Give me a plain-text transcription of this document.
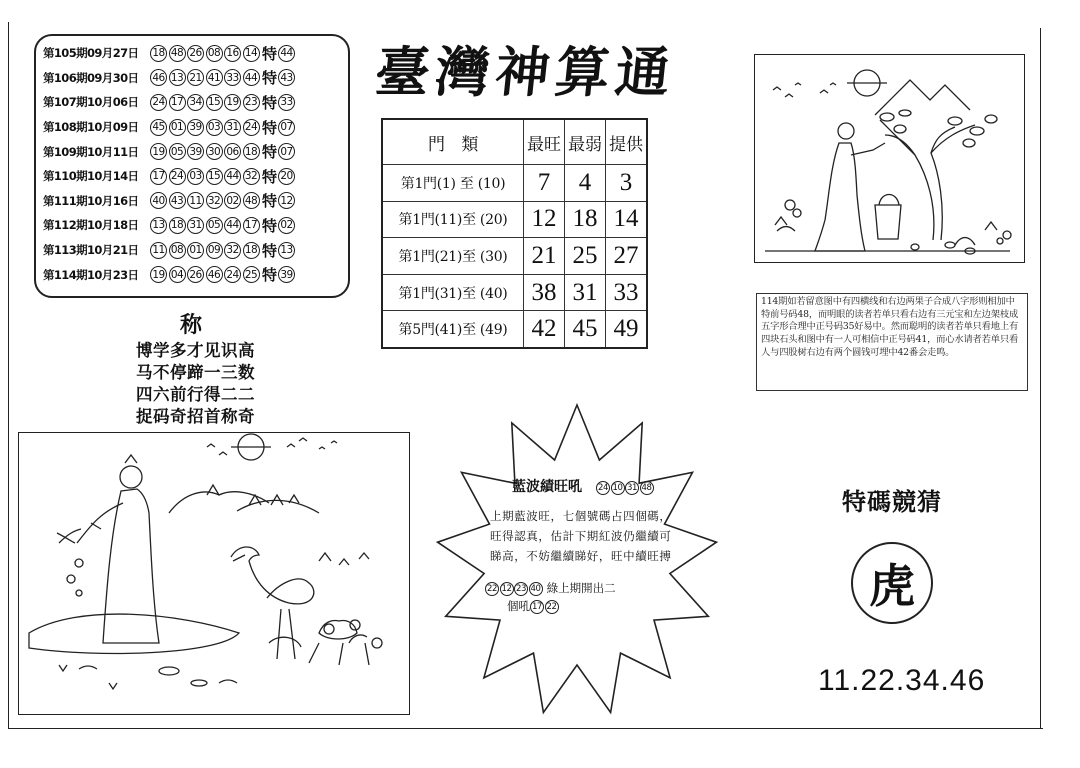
第105期09月27日	18 48 26 08 16 14 特 44
第106期09月30日	46 13 21 41 33 44 特 43
第107期10月06日	24 17 34 15 19 23 特 33
第108期10月09日	45 01 39 03 31 24 特 07
第109期10月11日	19 05 39 30 06 18 特 07
第110期10月14日	17 24 03 15 44 32 特 20
第111期10月16日	40 43 11 32 02 48 特 12
第112期10月18日	13 18 31 05 44 17 特 02
第113期10月21日	11 08 01 09 32 18 特 13
第114期10月23日	19 04 26 46 24 25 特 39
称
博学多才见识高
马不停蹄一三数
四六前行得二二
捉码奇招首称奇
臺灣神算通
門　類	最旺	最弱	提供
第1門(1) 至 (10)	7	4	3
第1門(11)至 (20)	12	18	14
第1門(21)至 (30)	21	25	27
第1門(31)至 (40)	38	31	33
第5門(41)至 (49)	42	45	49
114期如若留意图中有四横线和右边两果子合成八字形则相加中特前号码48，而明眼的读者若单只看右边有三元宝和左边架枝成五字形合理中正号码35好易中。然而聪明的读者若单只看地上有四块石头和图中有一人可相信中正号码41，而心水请者若单只看人与四股树右边有两个圆钱可埋中42番会走鸣。
藍波績旺吼 24 10 31 48
上期藍波旺，七個號碼占四個碼，旺得認真，估計下期紅波仍繼續可睇高，不妨繼續睇好，旺中續旺搏
22 12 23 40 綠上期開出二
個吼 17 22
特碼競猜
虎
11.22.34.46
